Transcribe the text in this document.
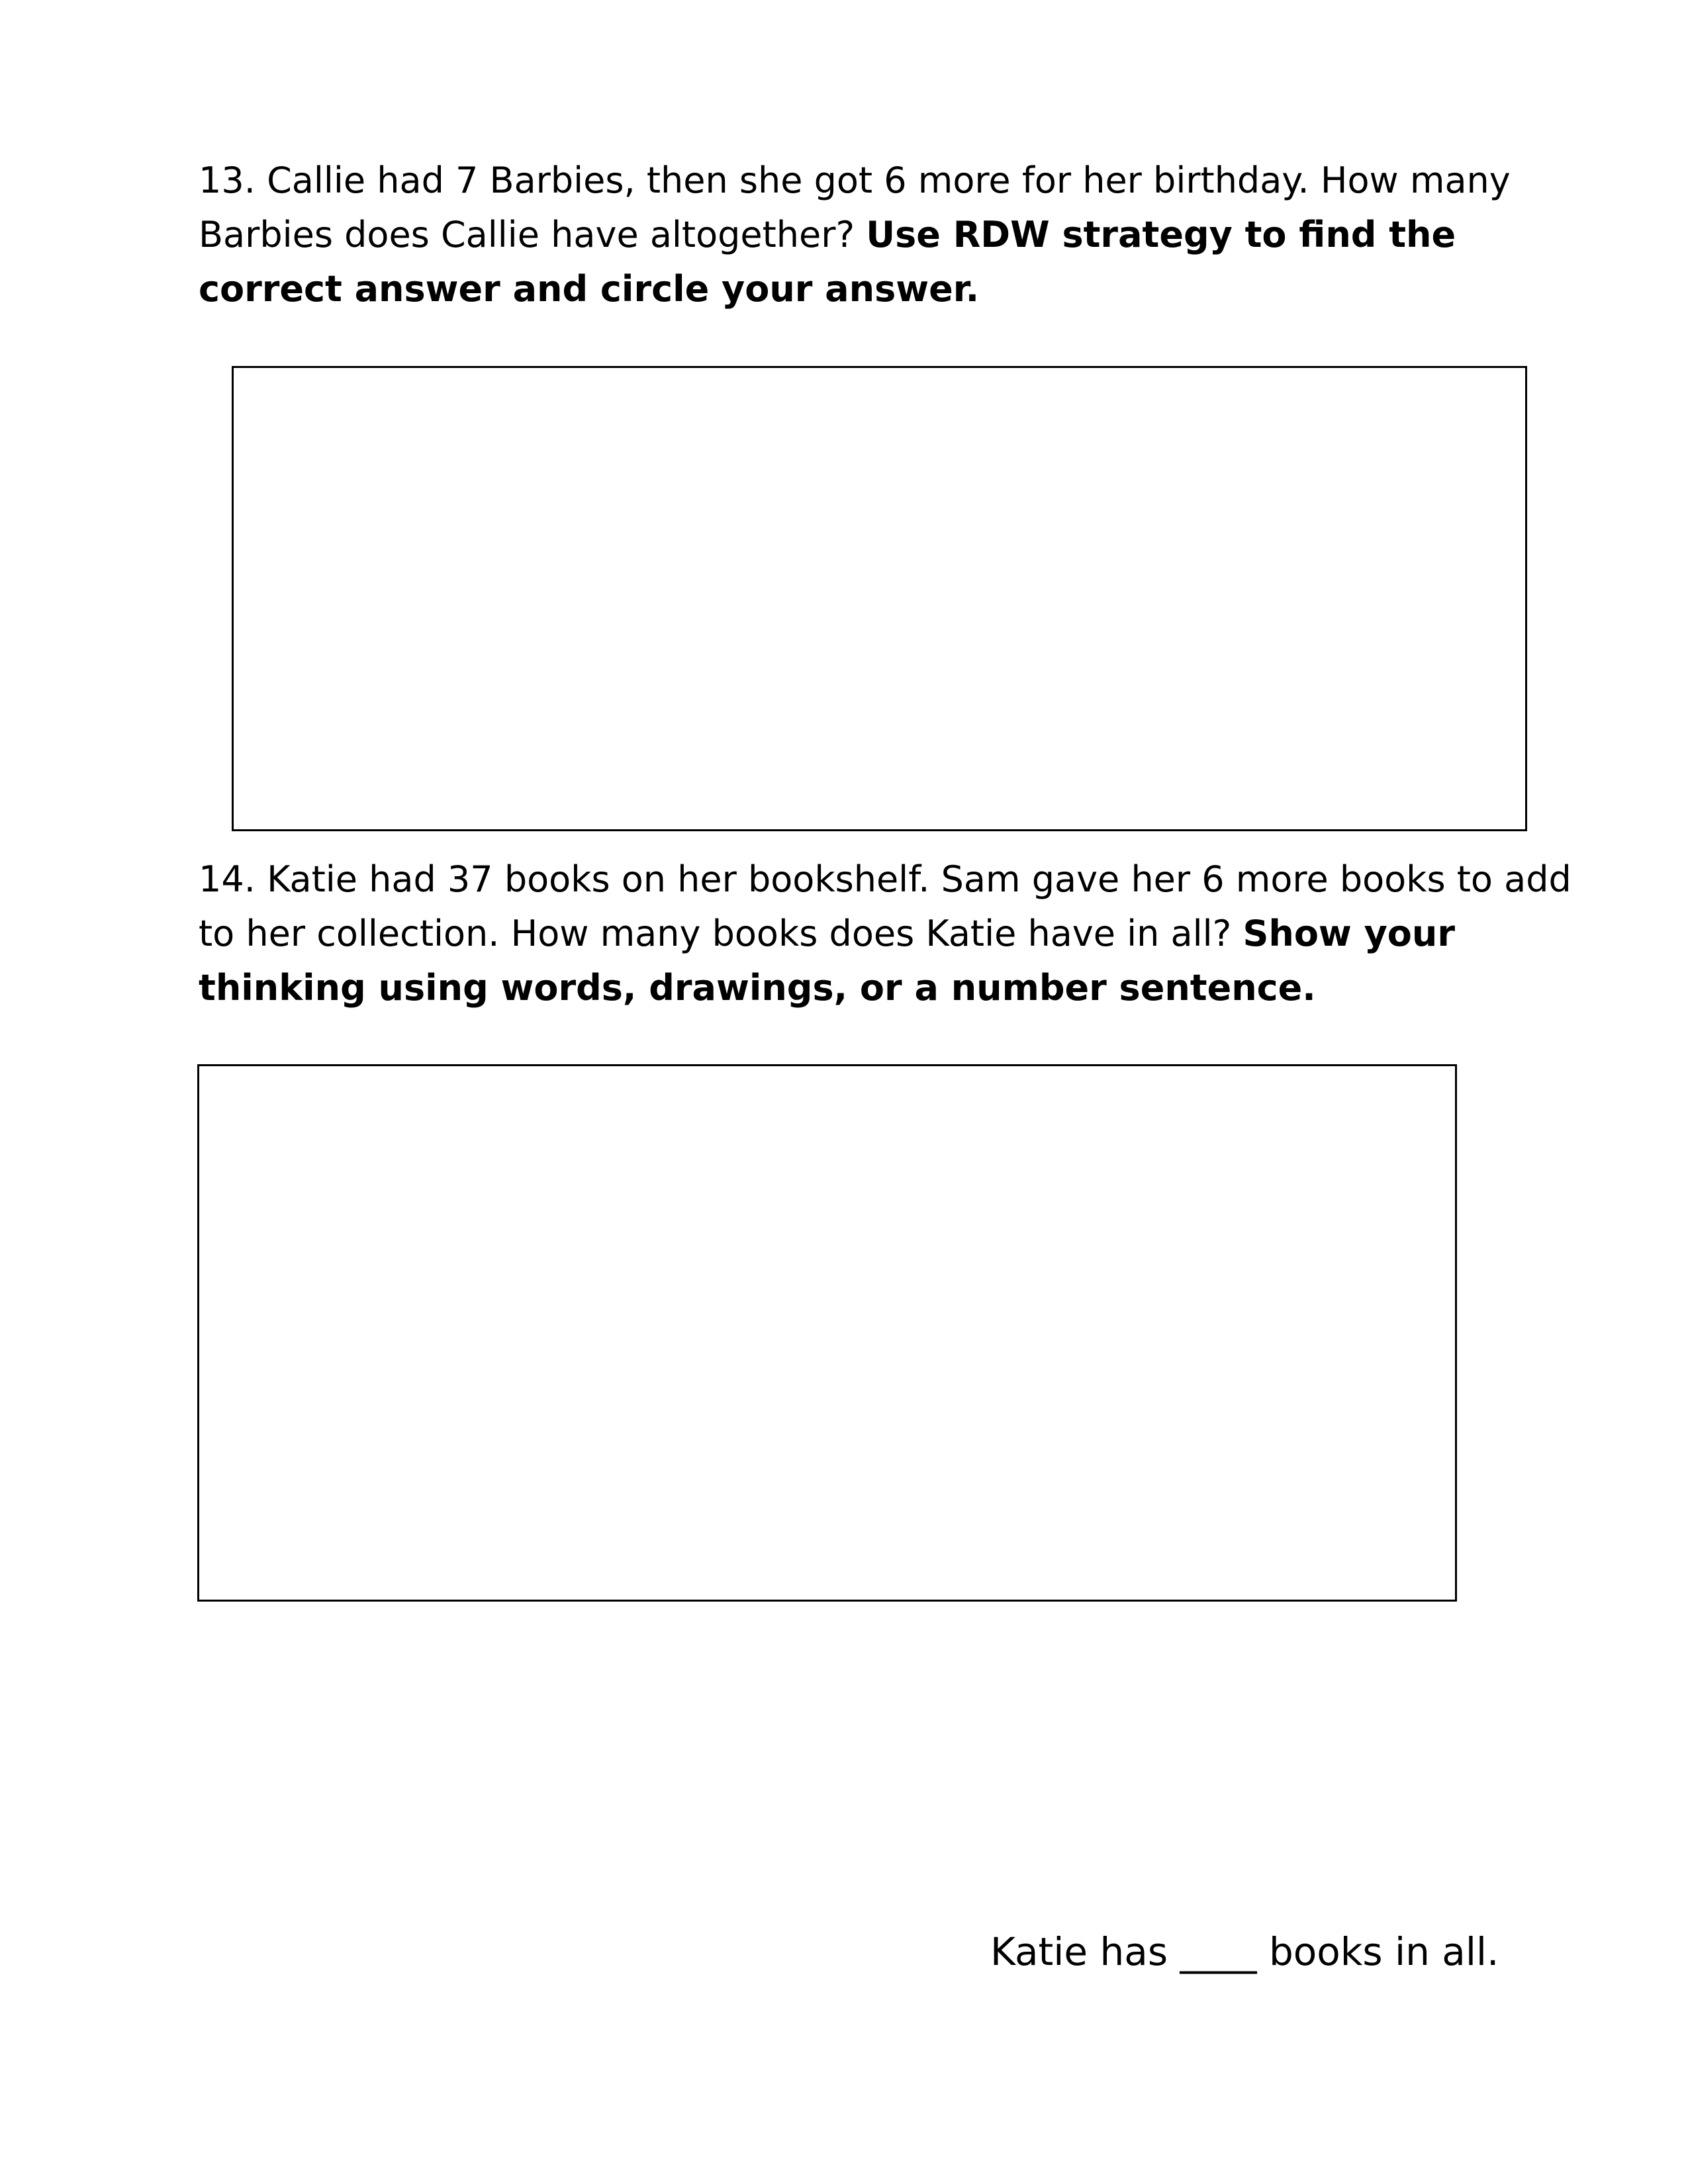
13. Callie had 7 Barbies, then she got 6 more for her birthday. How many Barbies does Callie have altogether? Use RDW strategy to find the correct answer and circle your answer.
14. Katie had 37 books on her bookshelf. Sam gave her 6 more books to add to her collection. How many books does Katie have in all? Show your thinking using words, drawings, or a number sentence.
Katie has ____ books in all.
